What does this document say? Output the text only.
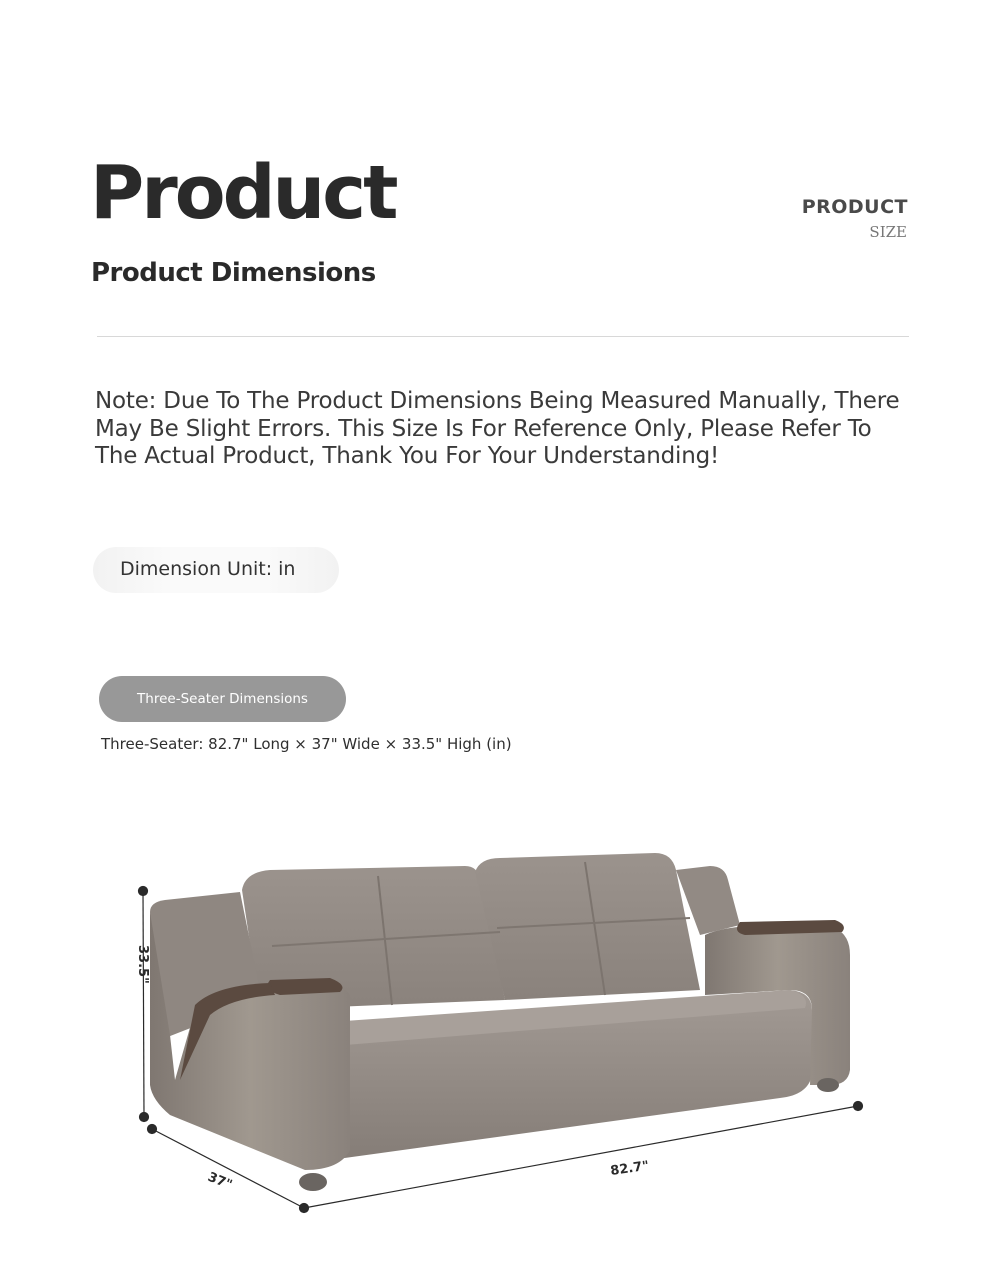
Product	PRODUCT
SIZE
Product Dimensions

Note: Due To The Product Dimensions Being Measured Manually, There May Be Slight Errors. This Size Is For Reference Only, Please Refer To The Actual Product, Thank You For Your Understanding!

Dimension Unit: in
Three-Seater Dimensions
Three-Seater: 82.7" Long × 37" Wide × 33.5" High (in)
33.5"
37"
82.7"
